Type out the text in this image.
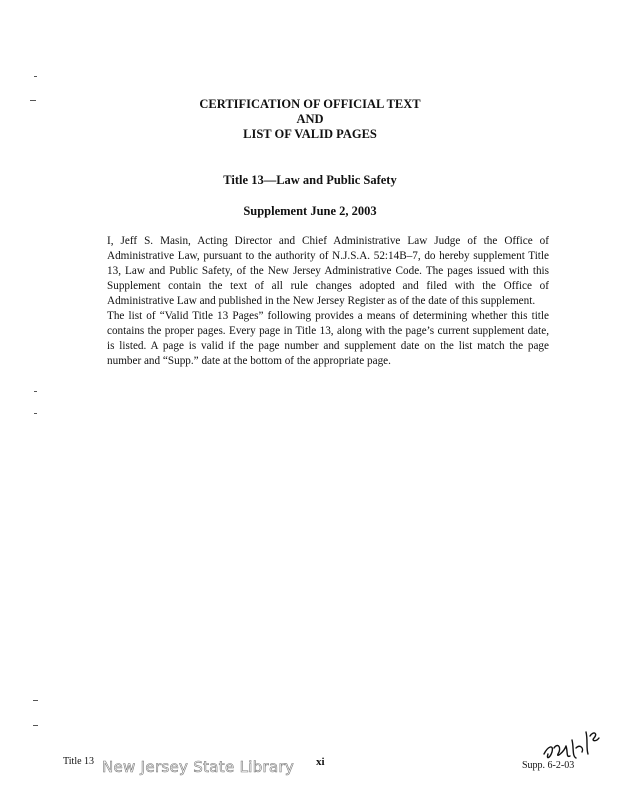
CERTIFICATION OF OFFICIAL TEXT
AND
LIST OF VALID PAGES
Title 13—Law and Public Safety
Supplement June 2, 2003

I, Jeff S. Masin, Acting Director and Chief Administrative Law Judge of the Office of Administrative Law, pursuant to the authority of N.J.S.A. 52:14B–7, do hereby supplement Title 13, Law and Public Safety, of the New Jersey Administrative Code. The pages issued with this Supplement contain the text of all rule changes adopted and filed with the Office of Administrative Law and published in the New Jersey Register as of the date of this supplement.

The list of “Valid Title 13 Pages” following provides a means of determining whether this title contains the proper pages. Every page in Title 13, along with the page’s current supplement date, is listed. A page is valid if the page number and supplement date on the list match the page number and “Supp.” date at the bottom of the appropriate page.

Title 13 New Jersey State Library xi	Supp. 6-2-03
